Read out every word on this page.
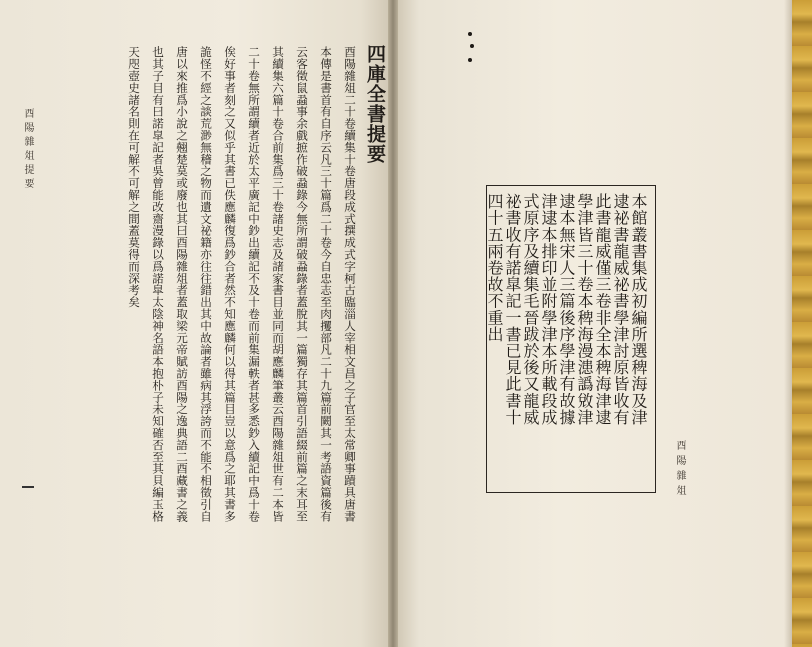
四庫全書提要
酉陽雜俎二十卷續集十卷唐段成式撰成式字柯古臨淄人宰相文昌之子官至太常卿事蹟具唐書
本傳是書首有自序云凡三十篇爲二十卷今自忠志至肉攫部凡二十九篇前闕其一考語資篇後有
云客徵鼠蝨事余戲摭作破蝨錄今無所謂破蝨錄者蓋脫其一篇獨存其篇首引語綴前篇之末耳至
其續集六篇十卷合前集爲三十卷諸史志及諸家書目並同而胡應麟筆叢云酉陽雜俎世有二本皆
二十卷無所謂續者近於太平廣記中鈔出續記不及十卷而前集漏軼者甚多悉鈔入續記中爲十卷
俟好事者刻之又似乎其書已佚應麟復爲鈔合者然不知應麟何以得其篇目豈以意爲之耶其書多
詭怪不經之談荒渺無稽之物而遺文祕籍亦往往錯出其中故論者雖病其浮誇而不能不相徵引自
唐以來推爲小說之翹楚莫或廢也其曰酉陽雜俎者蓋取梁元帝賦訪酉陽之逸典語二酉藏書之義
也其子目有曰諾皐記者吳曾能改齋漫錄以爲諾皐太陰神名語本抱朴子未知確否至其貝編玉格
天咫壺史諸名則在可解不可解之間蓋莫得而深考矣
酉陽雜俎提要
本館叢書集成初編所選稗海及津
逮祕書龍威祕書學津討原皆收有
此書龍威僅三卷非全本稗海津逮
學津皆三十卷本稗海漫漶譌敓津
逮本無宋人三篇後序學津有故據
津逮本排印並附學津本所載段成
式原序及續集毛晉跋於後又龍威
祕書收有諾皐記一書已見此書十
四十五兩卷故不重出
酉陽雜俎
